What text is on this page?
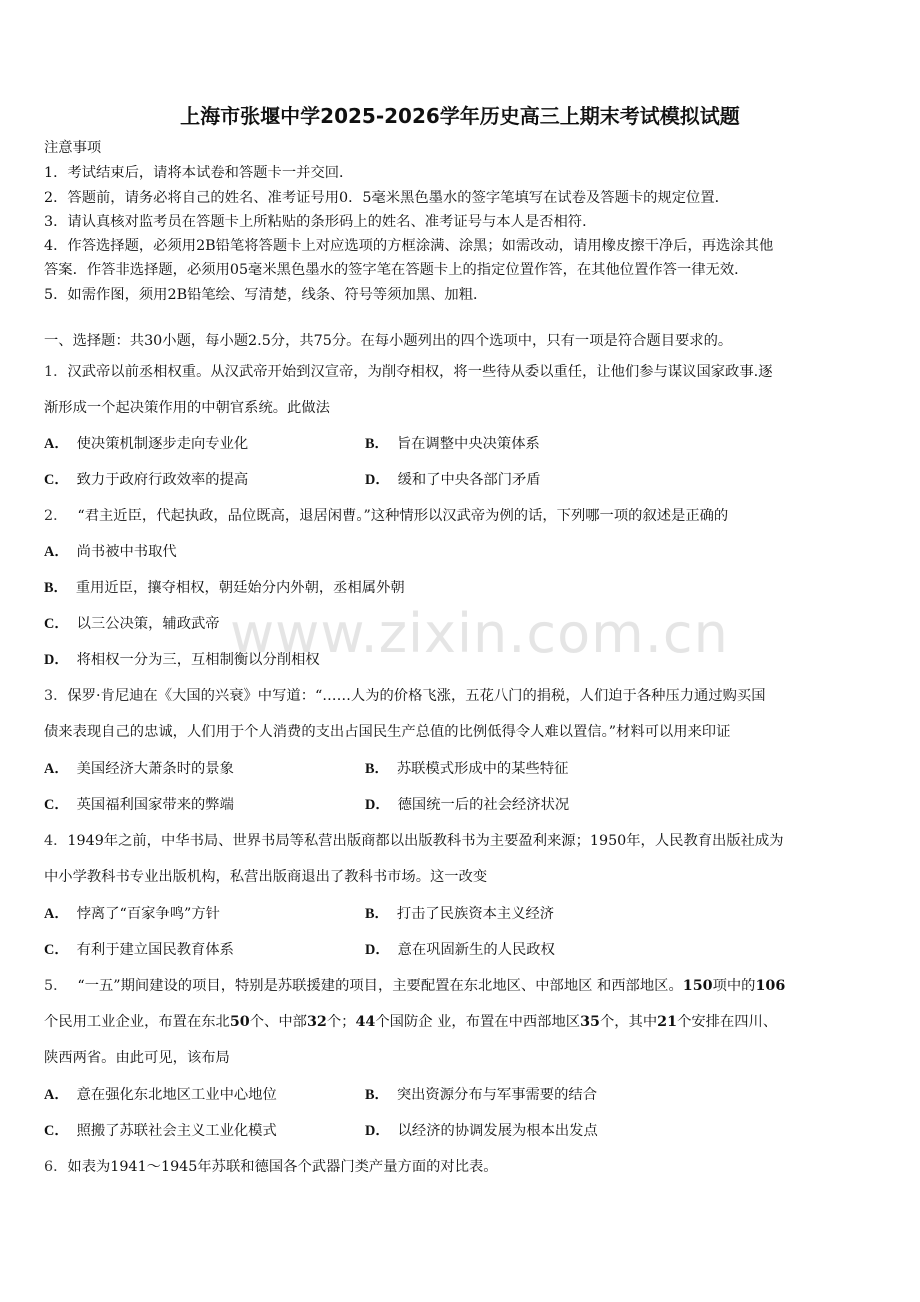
上海市张堰中学2025-2026学年历史高三上期末考试模拟试题
注意事项
1．考试结束后，请将本试卷和答题卡一并交回．
2．答题前，请务必将自己的姓名、准考证号用0．5毫米黑色墨水的签字笔填写在试卷及答题卡的规定位置．
3．请认真核对监考员在答题卡上所粘贴的条形码上的姓名、准考证号与本人是否相符．
4．作答选择题，必须用2B铅笔将答题卡上对应选项的方框涂满、涂黑；如需改动，请用橡皮擦干净后，再选涂其他
答案．作答非选择题，必须用05毫米黑色墨水的签字笔在答题卡上的指定位置作答，在其他位置作答一律无效．
5．如需作图，须用2B铅笔绘、写清楚，线条、符号等须加黑、加粗．
一、选择题：共30小题，每小题2.5分，共75分。在每小题列出的四个选项中，只有一项是符合题目要求的。
1．汉武帝以前丞相权重。从汉武帝开始到汉宣帝，为削夺相权，将一些待从委以重任，让他们参与谋议国家政事.逐
渐形成一个起决策作用的中朝官系统。此做法
A． 使决策机制逐步走向专业化	B． 旨在调整中央决策体系
C． 致力于政府行政效率的提高	D． 缓和了中央各部门矛盾
2． “君主近臣，代起执政，品位既高，退居闲曹。”这种情形以汉武帝为例的话，下列哪一项的叙述是正确的
A． 尚书被中书取代
B． 重用近臣，攘夺相权，朝廷始分内外朝，丞相属外朝
C． 以三公决策，辅政武帝
D． 将相权一分为三，互相制衡以分削相权
3．保罗·肯尼迪在《大国的兴衰》中写道：“……人为的价格飞涨，五花八门的捐税，人们迫于各种压力通过购买国
债来表现自己的忠诚，人们用于个人消费的支出占国民生产总值的比例低得令人难以置信。”材料可以用来印证
A． 美国经济大萧条时的景象	B． 苏联模式形成中的某些特征
C． 英国福利国家带来的弊端	D． 德国统一后的社会经济状况
4．1949年之前，中华书局、世界书局等私营出版商都以出版教科书为主要盈利来源；1950年，人民教育出版社成为
中小学教科书专业出版机构，私营出版商退出了教科书市场。这一改变
A． 悖离了“百家争鸣”方针	B． 打击了民族资本主义经济
C． 有利于建立国民教育体系	D． 意在巩固新生的人民政权
5． “一五”期间建设的项目，特别是苏联援建的项目，主要配置在东北地区、中部地区 和西部地区。150项中的106
个民用工业企业，布置在东北50个、中部32个；44个国防企 业，布置在中西部地区35个，其中21个安排在四川、
陕西两省。由此可见，该布局
A． 意在强化东北地区工业中心地位	B． 突出资源分布与军事需要的结合
C． 照搬了苏联社会主义工业化模式	D． 以经济的协调发展为根本出发点
6．如表为1941～1945年苏联和德国各个武器门类产量方面的对比表。
www.zixin.com.cn
